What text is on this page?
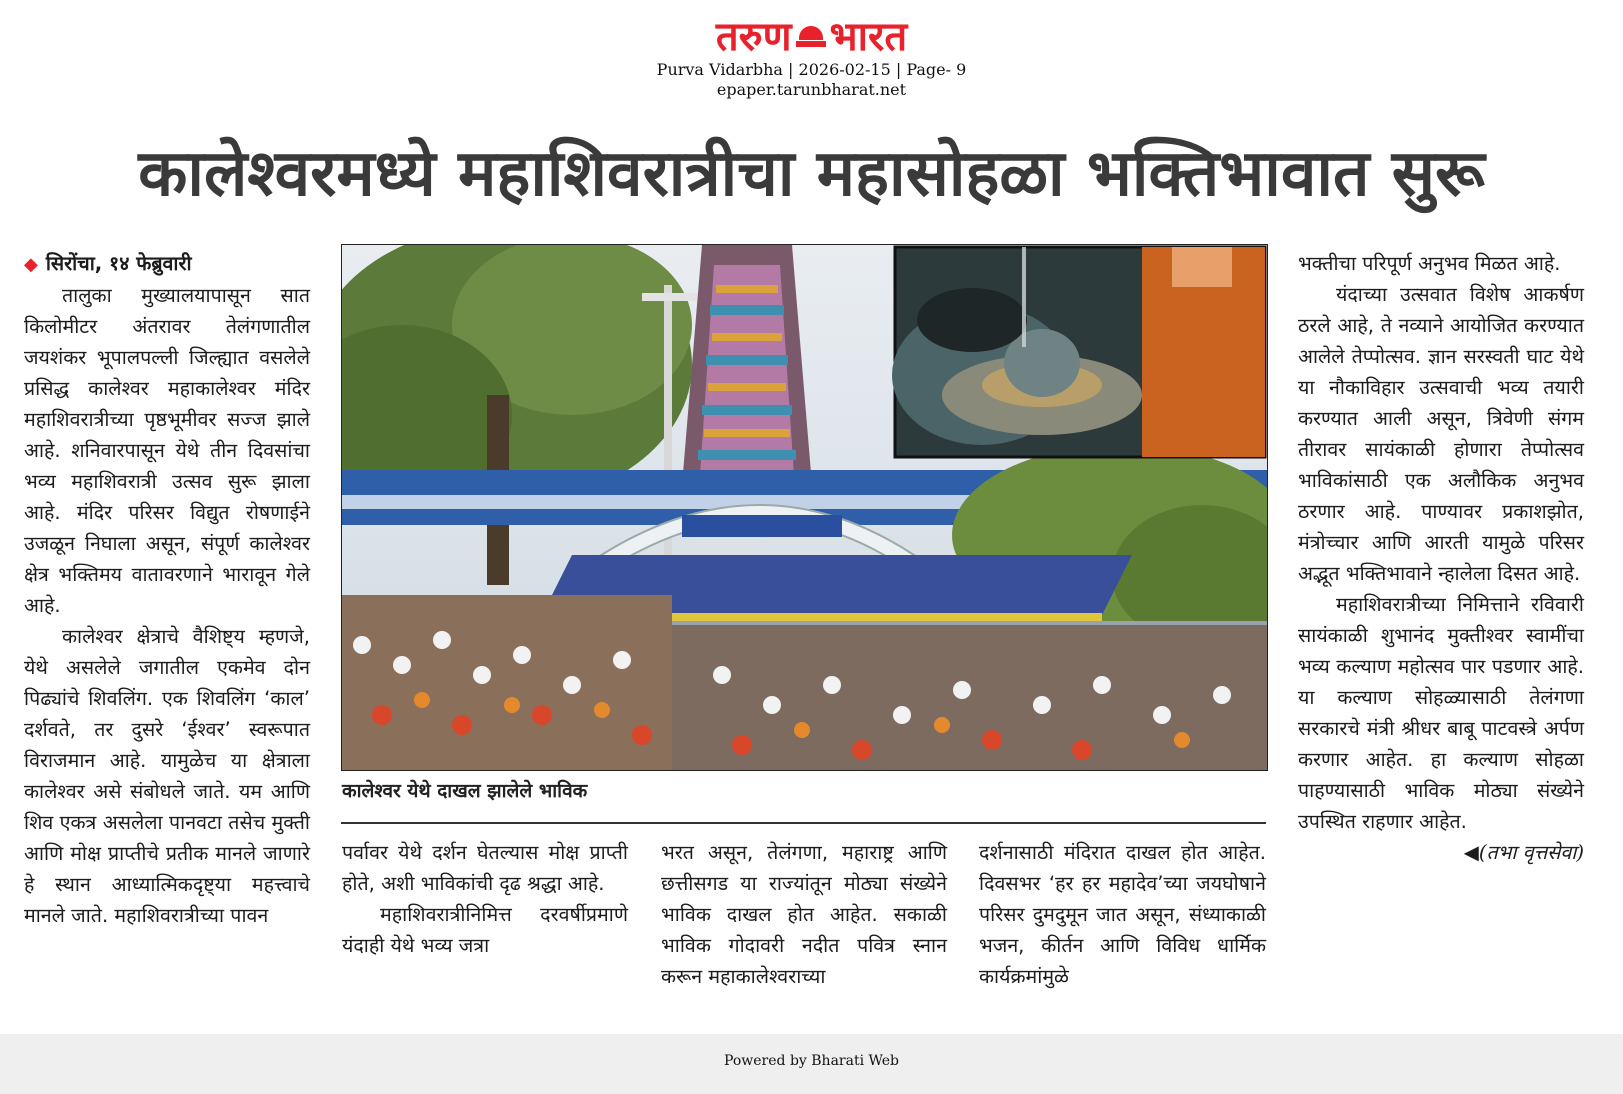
तरुण भारत
Purva Vidarbha | 2026-02-15 | Page- 9
epaper.tarunbharat.net
कालेश्वरमध्ये महाशिवरात्रीचा महासोहळा भक्तिभावात सुरू
◆ सिरोंचा, १४ फेब्रुवारी

तालुका मुख्यालयापासून सात किलोमीटर अंतरावर तेलंगणातील जयशंकर भूपालपल्ली जिल्ह्यात वसलेले प्रसिद्ध कालेश्वर महाकालेश्वर मंदिर महाशिवरात्रीच्या पृष्ठभूमीवर सज्ज झाले आहे. शनिवारपासून येथे तीन दिवसांचा भव्य महाशिवरात्री उत्सव सुरू झाला आहे. मंदिर परिसर विद्युत रोषणाईने उजळून निघाला असून, संपूर्ण कालेश्वर क्षेत्र भक्तिमय वातावरणाने भारावून गेले आहे.

कालेश्वर क्षेत्राचे वैशिष्ट्य म्हणजे, येथे असलेले जगातील एकमेव दोन पिढ्यांचे शिवलिंग. एक शिवलिंग ‘काल’ दर्शवते, तर दुसरे ‘ईश्वर’ स्वरूपात विराजमान आहे. यामुळेच या क्षेत्राला कालेश्वर असे संबोधले जाते. यम आणि शिव एकत्र असलेला पानवटा तसेच मुक्ती आणि मोक्ष प्राप्तीचे प्रतीक मानले जाणारे हे स्थान आध्यात्मिकदृष्ट्या महत्त्वाचे मानले जाते. महाशिवरात्रीच्या पावन

कालेश्वर येथे दाखल झालेले भाविक

पर्वावर येथे दर्शन घेतल्यास मोक्ष प्राप्ती होते, अशी भाविकांची दृढ श्रद्धा आहे.

महाशिवरात्रीनिमित्त दरवर्षीप्रमाणे यंदाही येथे भव्य जत्रा

भरत असून, तेलंगणा, महाराष्ट्र आणि छत्तीसगड या राज्यांतून मोठ्या संख्येने भाविक दाखल होत आहेत. सकाळी भाविक गोदावरी नदीत पवित्र स्नान करून महाकालेश्वराच्या

दर्शनासाठी मंदिरात दाखल होत आहेत. दिवसभर ‘हर हर महादेव’च्या जयघोषाने परिसर दुमदुमून जात असून, संध्याकाळी भजन, कीर्तन आणि विविध धार्मिक कार्यक्रमांमुळे

भक्तीचा परिपूर्ण अनुभव मिळत आहे.

यंदाच्या उत्सवात विशेष आकर्षण ठरले आहे, ते नव्याने आयोजित करण्यात आलेले तेप्पोत्सव. ज्ञान सरस्वती घाट येथे या नौकाविहार उत्सवाची भव्य तयारी करण्यात आली असून, त्रिवेणी संगम तीरावर सायंकाळी होणारा तेप्पोत्सव भाविकांसाठी एक अलौकिक अनुभव ठरणार आहे. पाण्यावर प्रकाशझोत, मंत्रोच्चार आणि आरती यामुळे परिसर अद्भूत भक्तिभावाने न्हालेला दिसत आहे.

महाशिवरात्रीच्या निमित्ताने रविवारी सायंकाळी शुभानंद मुक्तीश्वर स्वामींचा भव्य कल्याण महोत्सव पार पडणार आहे. या कल्याण सोहळ्यासाठी तेलंगणा सरकारचे मंत्री श्रीधर बाबू पाटवस्त्रे अर्पण करणार आहेत. हा कल्याण सोहळा पाहण्यासाठी भाविक मोठ्या संख्येने उपस्थित राहणार आहेत.

◀(तभा वृत्तसेवा)
Powered by Bharati Web
